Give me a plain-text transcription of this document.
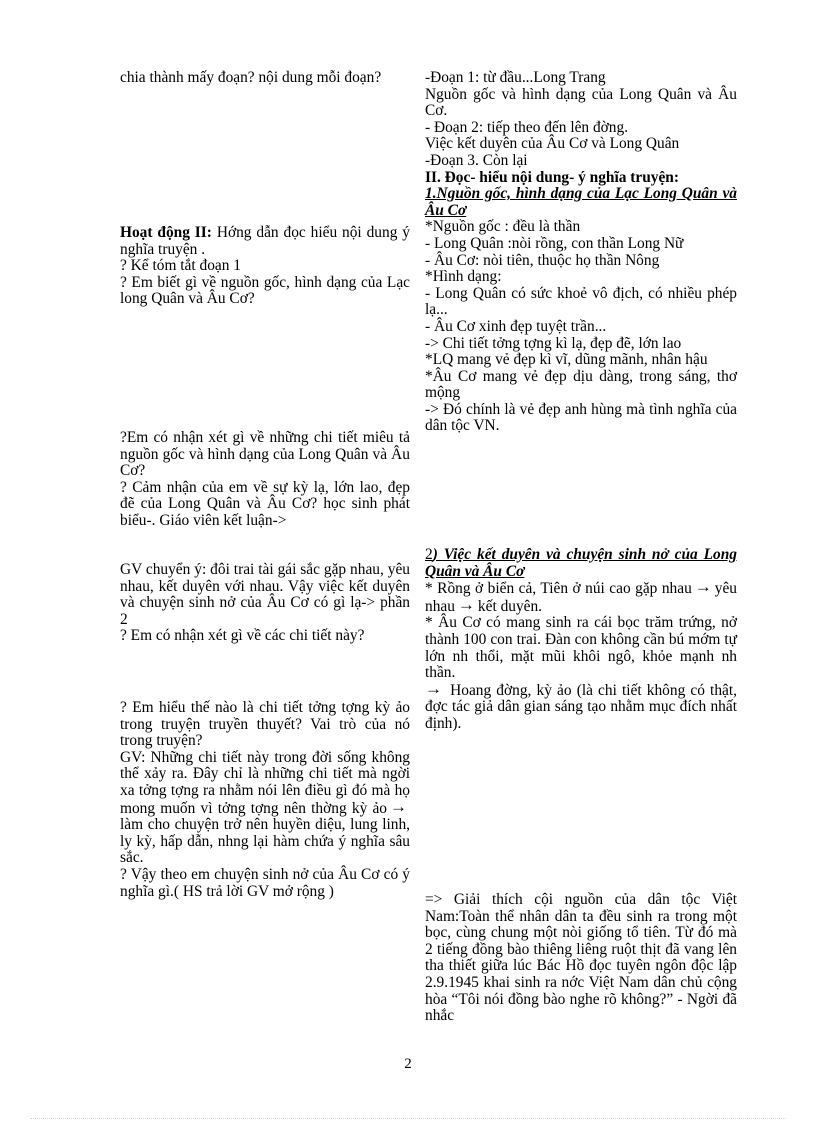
chia thành mấy đoạn? nội dung mỗi đoạn?
Hoạt động II: Hớng dẫn đọc hiểu nội dung ý nghĩa truyện .
? Kể tóm tắt đoạn 1
? Em biết gì về nguồn gốc, hình dạng của Lạc long Quân và Âu Cơ?
?Em có nhận xét gì về những chi tiết miêu tả nguồn gốc và hình dạng của Long Quân và Âu Cơ?
? Cảm nhận của em về sự kỳ lạ, lớn lao, đẹp đẽ của Long Quân và Âu Cơ? học sinh phát biểu-. Giáo viên kết luận->
GV chuyển ý: đôi trai tài gái sắc gặp nhau, yêu nhau, kết duyên với nhau. Vậy việc kết duyên và chuyện sinh nở của Âu Cơ có gì lạ-> phần 2
? Em có nhận xét gì về các chi tiết này?
? Em hiểu thế nào là chi tiết tởng tợng kỳ ảo trong truyện truyền thuyết? Vai trò của nó trong truyện?
GV: Những chi tiết này trong đời sống không thể xảy ra. Đây chỉ là những chi tiết mà ngời xa tởng tợng ra nhằm nói lên điều gì đó mà họ mong muốn vì tởng tợng nên thờng kỳ ảo →làm cho chuyện trở nên huyền diệu, lung linh, ly kỳ, hấp dẫn, nhng lại hàm chứa ý nghĩa sâu sắc.
? Vậy theo em chuyện sinh nở của Âu Cơ có ý nghĩa gì.( HS trả lời GV mở rộng )
-Đoạn 1: từ đầu...Long Trang
Nguồn gốc và hình dạng của Long Quân và Âu Cơ.
- Đoạn 2: tiếp theo đến lên đờng.
Việc kết duyên của Âu Cơ và Long Quân
-Đoạn 3. Còn lại
II. Đọc- hiểu nội dung- ý nghĩa truyện:
1.Nguồn gốc, hình dạng của Lạc Long Quân và Âu Cơ
*Nguồn gốc : đều là thần
- Long Quân :nòi rồng, con thần Long Nữ
- Âu Cơ: nòi tiên, thuộc họ thần Nông
*Hình dạng:
- Long Quân có sức khoẻ vô địch, có nhiều phép lạ...
- Âu Cơ xinh đẹp tuyệt trần...
-> Chi tiết tởng tợng kì lạ, đẹp đẽ, lớn lao
*LQ mang vẻ đẹp kì vĩ, dũng mãnh, nhân hậu
*Âu Cơ mang vẻ đẹp dịu dàng, trong sáng, thơ mộng
-> Đó chính là vẻ đẹp anh hùng mà tình nghĩa của dân tộc VN.
2) Việc kết duyên và chuyện sinh nở của Long Quân và Âu Cơ
* Rồng ở biển cả, Tiên ở núi cao gặp nhau → yêu nhau → kết duyên.
* Âu Cơ có mang sinh ra cái bọc trăm trứng, nở thành 100 con trai. Đàn con không cần bú mớm tự lớn nh thổi, mặt mũi khôi ngô, khỏe mạnh nh thần.
→ Hoang đờng, kỳ ảo (là chi tiết không có thật, đợc tác giả dân gian sáng tạo nhằm mục đích nhất định).
=> Giải thích cội nguồn của dân tộc Việt Nam:Toàn thể nhân dân ta đều sinh ra trong một bọc, cùng chung một nòi giống tổ tiên. Từ đó mà 2 tiếng đồng bào thiêng liêng ruột thịt đã vang lên tha thiết giữa lúc Bác Hồ đọc tuyên ngôn độc lập 2.9.1945 khai sinh ra nớc Việt Nam dân chủ cộng hòa “Tôi nói đồng bào nghe rõ không?” - Ngời đã nhắc
2
